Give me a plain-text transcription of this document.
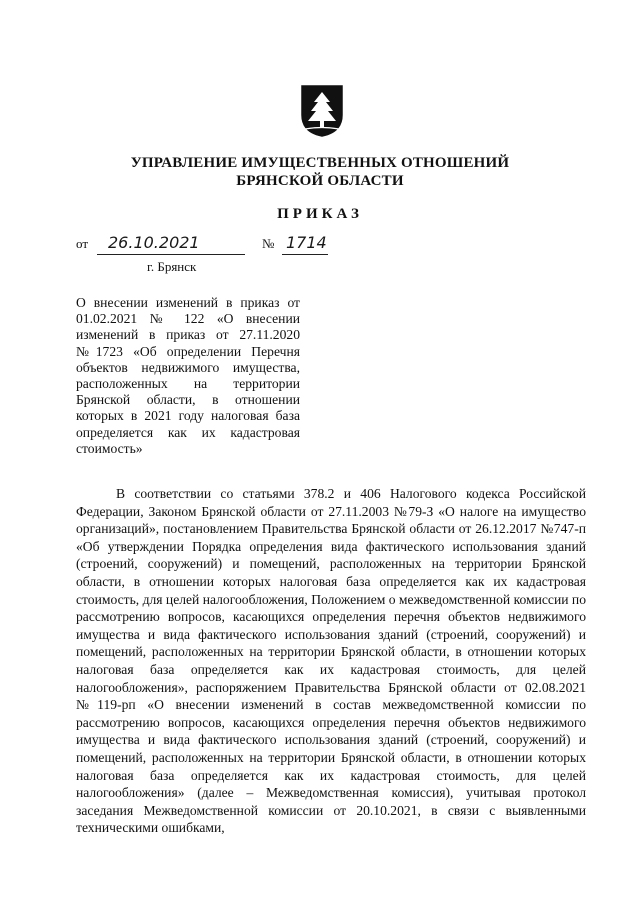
УПРАВЛЕНИЕ ИМУЩЕСТВЕННЫХ ОТНОШЕНИЙ
БРЯНСКОЙ ОБЛАСТИ
ПРИКАЗ
от 26.10.2021	№ 1714
г. Брянск

О внесении изменений в приказ от 01.02.2021 № 122 «О внесении изменений в приказ от 27.11.2020 №1723 «Об определении Перечня объектов недвижимого имущества, расположенных на территории Брянской области, в отношении которых в 2021 году налоговая база определяется как их кадастровая стоимость»

В соответствии со статьями 378.2 и 406 Налогового кодекса Российской Федерации, Законом Брянской области от 27.11.2003 №79-З «О налоге на имущество организаций», постановлением Правительства Брянской области от 26.12.2017 №747-п «Об утверждении Порядка определения вида фактического использования зданий (строений, сооружений) и помещений, расположенных на территории Брянской области, в отношении которых налоговая база определяется как их кадастровая стоимость, для целей налогообложения, Положением о межведомственной комиссии по рассмотрению вопросов, касающихся определения перечня объектов недвижимого имущества и вида фактического использования зданий (строений, сооружений) и помещений, расположенных на территории Брянской области, в отношении которых налоговая база определяется как их кадастровая стоимость, для целей налогообложения», распоряжением Правительства Брянской области от 02.08.2021 №119-рп «О внесении изменений в состав межведомственной комиссии по рассмотрению вопросов, касающихся определения перечня объектов недвижимого имущества и вида фактического использования зданий (строений, сооружений) и помещений, расположенных на территории Брянской области, в отношении которых налоговая база определяется как их кадастровая стоимость, для целей налогообложения» (далее – Межведомственная комиссия), учитывая протокол заседания Межведомственной комиссии от 20.10.2021, в связи с выявленными техническими ошибками,
